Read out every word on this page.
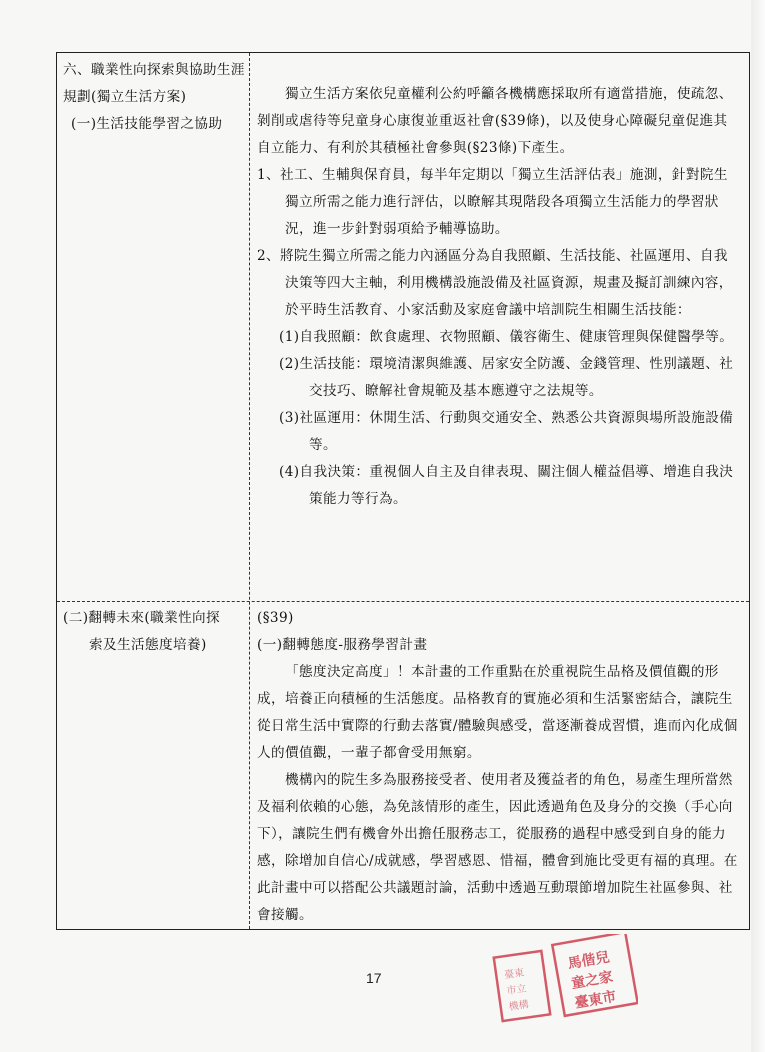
六、職業性向探索與協助生涯

規劃(獨立生活方案)

(一)生活技能學習之協助

獨立生活方案依兒童權利公約呼籲各機構應採取所有適當措施，使疏忽、剝削或虐待等兒童身心康復並重返社會(§39條)，以及使身心障礙兒童促進其自立能力、有利於其積極社會參與(§23條)下產生。

1、社工、生輔與保育員，每半年定期以「獨立生活評估表」施測，針對院生獨立所需之能力進行評估，以瞭解其現階段各項獨立生活能力的學習狀況，進一步針對弱項給予輔導協助。

2、將院生獨立所需之能力內涵區分為自我照顧、生活技能、社區運用、自我決策等四大主軸，利用機構設施設備及社區資源，規畫及擬訂訓練內容，於平時生活教育、小家活動及家庭會議中培訓院生相關生活技能：

(1)自我照顧：飲食處理、衣物照顧、儀容衛生、健康管理與保健醫學等。

(2)生活技能：環境清潔與維護、居家安全防護、金錢管理、性別議題、社交技巧、瞭解社會規範及基本應遵守之法規等。

(3)社區運用：休閒生活、行動與交通安全、熟悉公共資源與場所設施設備等。

(4)自我決策：重視個人自主及自律表現、關注個人權益倡導、增進自我決策能力等行為。

(二)翻轉未來(職業性向探

索及生活態度培養)

(§39)

(一)翻轉態度-服務學習計畫

「態度決定高度」！本計畫的工作重點在於重視院生品格及價值觀的形成，培養正向積極的生活態度。品格教育的實施必須和生活緊密結合，讓院生從日常生活中實際的行動去落實/體驗與感受，當逐漸養成習慣，進而內化成個人的價值觀，一輩子都會受用無窮。

機構內的院生多為服務接受者、使用者及獲益者的角色，易產生理所當然及福利依賴的心態，為免該情形的產生，因此透過角色及身分的交換（手心向下），讓院生們有機會外出擔任服務志工，從服務的過程中感受到自身的能力感，除增加自信心/成就感，學習感恩、惜福，體會到施比受更有福的真理。在此計畫中可以搭配公共議題討論，活動中透過互動環節增加院生社區參與、社會接觸。

17
馬偕兒
童之家
臺東市
臺東
市立
機構
